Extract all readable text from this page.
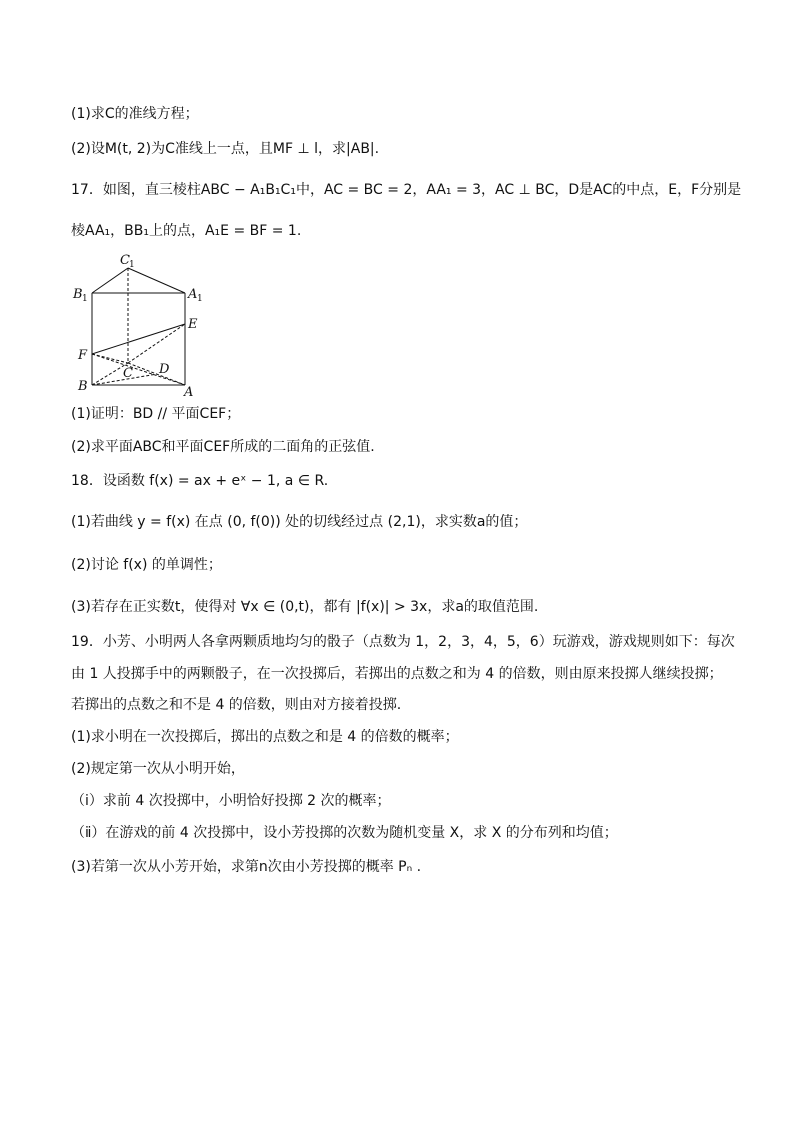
(1)求C的准线方程；
(2)设M(t, 2)为C准线上一点，且MF ⊥ l，求|AB|.
17．如图，直三棱柱ABC − A₁B₁C₁中，AC = BC = 2，AA₁ = 3，AC ⊥ BC，D是AC的中点，E，F分别是
棱AA₁，BB₁上的点，A₁E = BF = 1.
C 1
B 1	A 1
E
F
C D
B	A
(1)证明：BD // 平面CEF；
(2)求平面ABC和平面CEF所成的二面角的正弦值.
18．设函数 f(x) = ax + eˣ − 1, a ∈ R.
(1)若曲线 y = f(x) 在点 (0, f(0)) 处的切线经过点 (2,1)，求实数a的值；
(2)讨论 f(x) 的单调性；
(3)若存在正实数t，使得对 ∀x ∈ (0,t)，都有 |f(x)| > 3x，求a的取值范围.
19．小芳、小明两人各拿两颗质地均匀的骰子（点数为 1，2，3，4，5，6）玩游戏，游戏规则如下：每次
由 1 人投掷手中的两颗骰子，在一次投掷后，若掷出的点数之和为 4 的倍数，则由原来投掷人继续投掷；
若掷出的点数之和不是 4 的倍数，则由对方接着投掷.
(1)求小明在一次投掷后，掷出的点数之和是 4 的倍数的概率；
(2)规定第一次从小明开始，
（ⅰ）求前 4 次投掷中，小明恰好投掷 2 次的概率；
（ⅱ）在游戏的前 4 次投掷中，设小芳投掷的次数为随机变量 X，求 X 的分布列和均值；
(3)若第一次从小芳开始，求第n次由小芳投掷的概率 Pₙ .
